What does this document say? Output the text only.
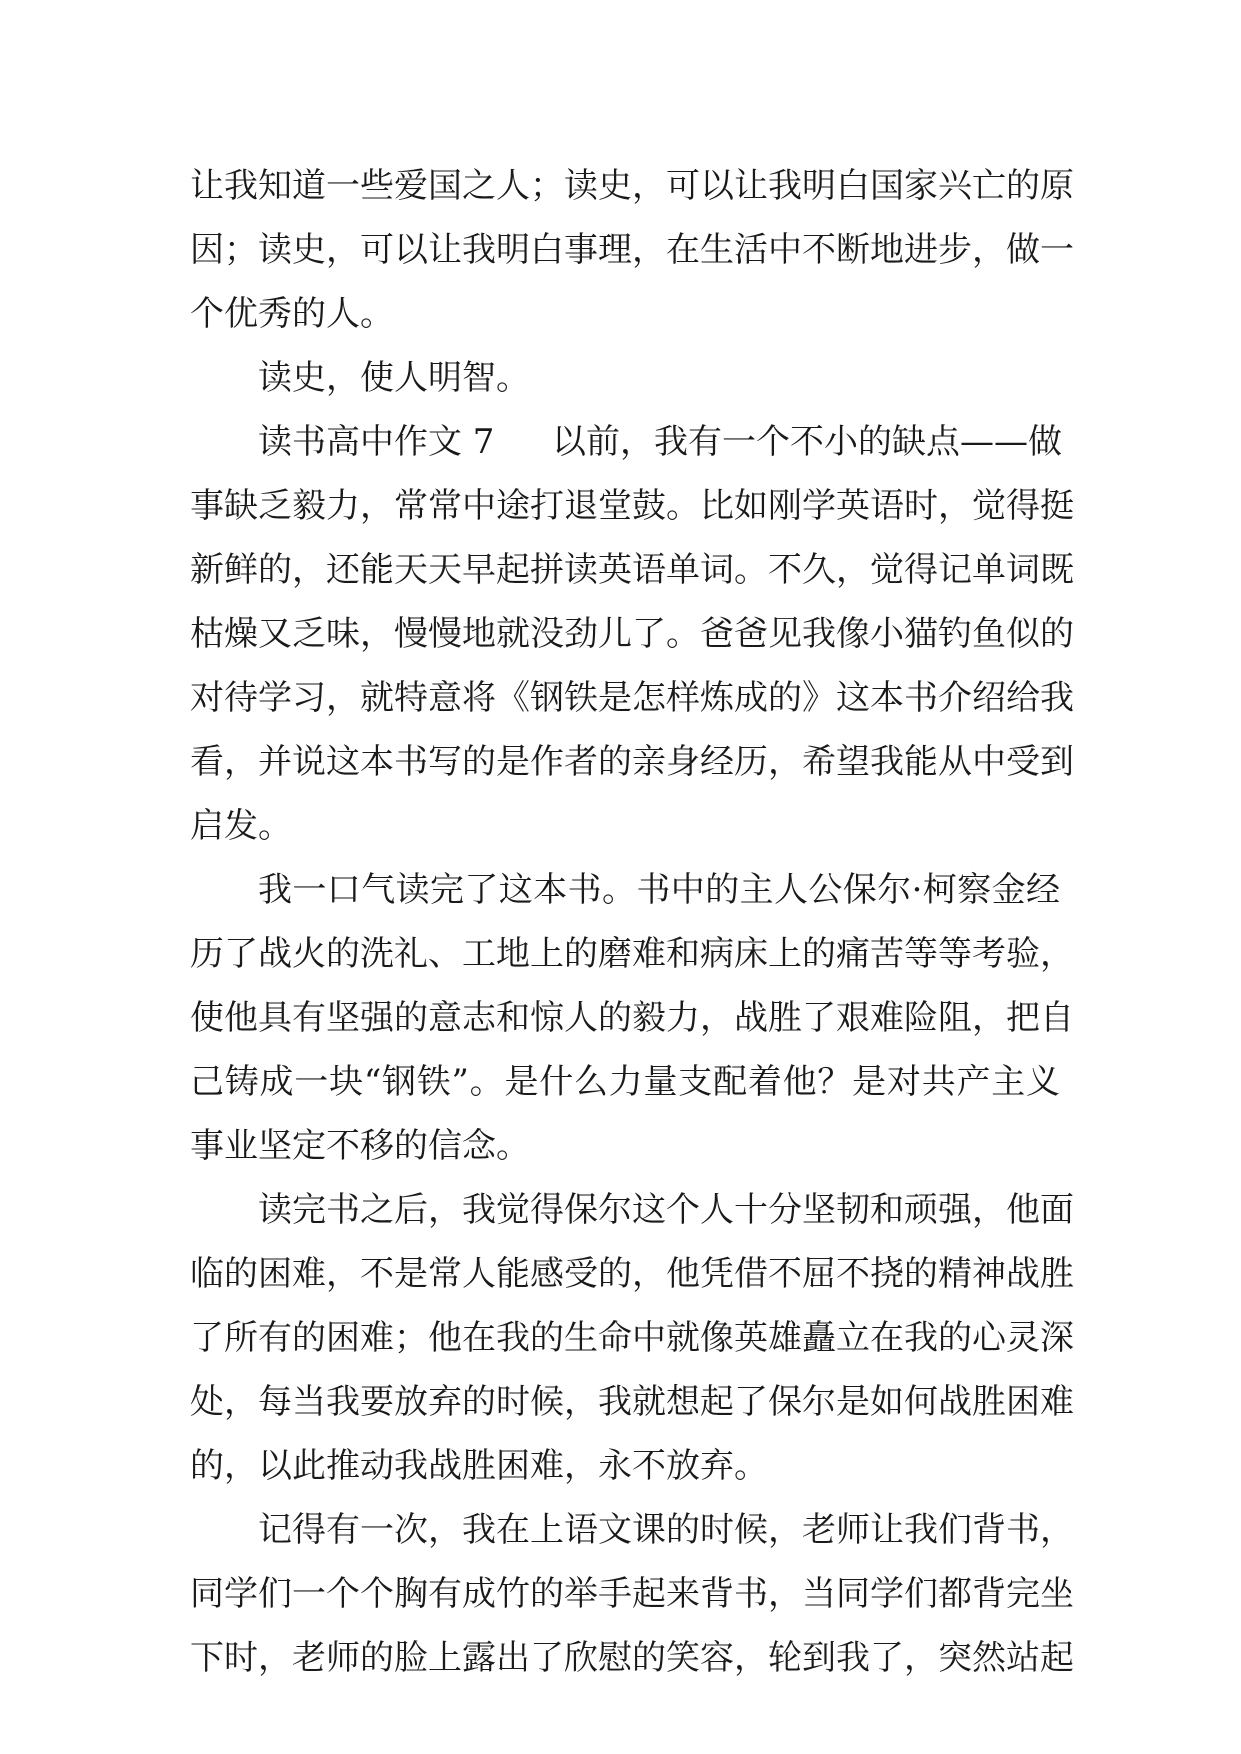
让我知道一些爱国之人；读史，可以让我明白国家兴亡的原
因；读史，可以让我明白事理，在生活中不断地进步，做一
个优秀的人。
读史，使人明智。
读书高中作文 7 以前，我有一个不小的缺点——做
事缺乏毅力，常常中途打退堂鼓。比如刚学英语时，觉得挺
新鲜的，还能天天早起拼读英语单词。不久，觉得记单词既
枯燥又乏味，慢慢地就没劲儿了。爸爸见我像小猫钓鱼似的
对待学习，就特意将《钢铁是怎样炼成的》这本书介绍给我
看，并说这本书写的是作者的亲身经历，希望我能从中受到
启发。
我一口气读完了这本书。书中的主人公保尔·柯察金经
历了战火的洗礼、工地上的磨难和病床上的痛苦等等考验，
使他具有坚强的意志和惊人的毅力，战胜了艰难险阻，把自
己铸成一块“钢铁”。是什么力量支配着他？是对共产主义
事业坚定不移的信念。
读完书之后，我觉得保尔这个人十分坚韧和顽强，他面
临的困难，不是常人能感受的，他凭借不屈不挠的精神战胜
了所有的困难；他在我的生命中就像英雄矗立在我的心灵深
处，每当我要放弃的时候，我就想起了保尔是如何战胜困难
的，以此推动我战胜困难，永不放弃。
记得有一次，我在上语文课的时候，老师让我们背书，
同学们一个个胸有成竹的举手起来背书，当同学们都背完坐
下时，老师的脸上露出了欣慰的笑容，轮到我了，突然站起
